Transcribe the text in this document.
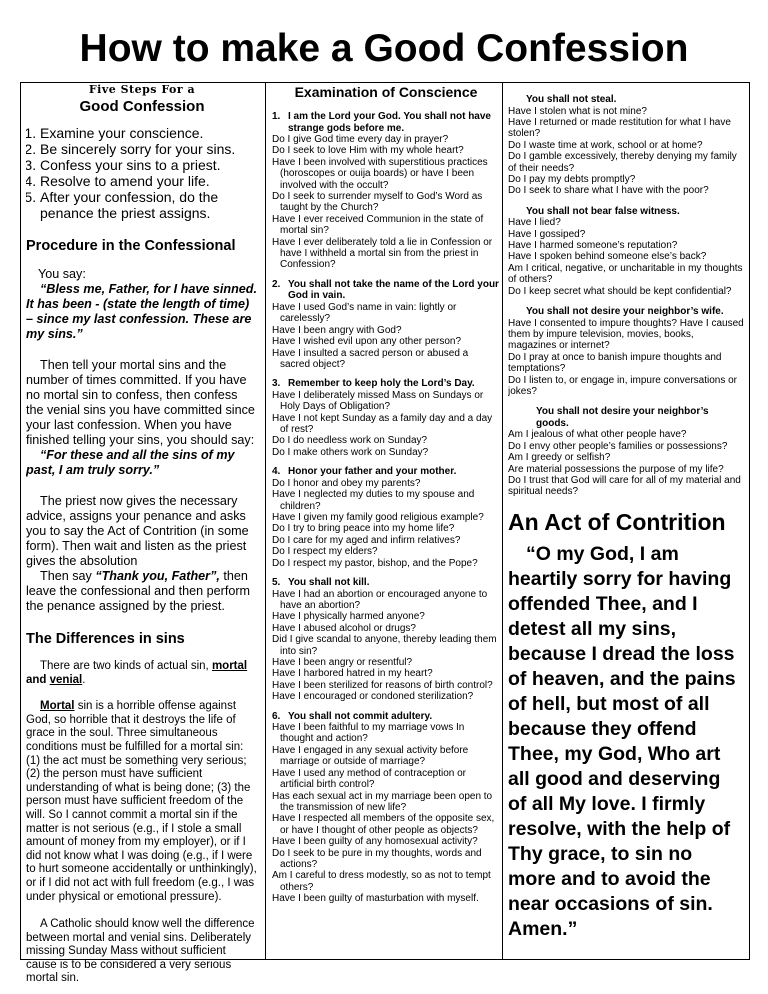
How to make a Good Confession
Five Steps For a
Good Confession
1. Examine your conscience.
2. Be sincerely sorry for your sins.
3. Confess your sins to a priest.
4. Resolve to amend your life.
5. After your confession, do the penance the priest assigns.
Procedure in the Confessional

You say:

“Bless me, Father, for I have sinned. It has been - (state the length of time) – since my last confession. These are my sins.”

Then tell your mortal sins and the number of times committed. If you have no mortal sin to confess, then confess the venial sins you have committed since your last confession. When you have finished telling your sins, you should say:

“For these and all the sins of my past, I am truly sorry.”

The priest now gives the necessary advice, assigns your penance and asks you to say the Act of Contrition (in some form). Then wait and listen as the priest gives the absolution

Then say “Thank you, Father”, then leave the confessional and then perform the penance assigned by the priest.

The Differences in sins

There are two kinds of actual sin, mortal and venial.

Mortal sin is a horrible offense against God, so horrible that it destroys the life of grace in the soul. Three simultaneous conditions must be fulfilled for a mortal sin: (1) the act must be something very serious; (2) the person must have sufficient understanding of what is being done; (3) the person must have sufficient freedom of the will. So I cannot commit a mortal sin if the matter is not serious (e.g., if I stole a small amount of money from my employer), or if I did not know what I was doing (e.g., if I were to hurt someone accidentally or unthinkingly), or if I did not act with full freedom (e.g., I was under physical or emotional pressure).

A Catholic should know well the difference between mortal and venial sins. Deliberately missing Sunday Mass without sufficient cause is to be considered a very serious mortal sin.

Examination of Conscience
1. I am the Lord your God. You shall not have strange gods before me.
Do I give God time every day in prayer?
Do I seek to love Him with my whole heart?
Have I been involved with superstitious practices (horoscopes or ouija boards) or have I been involved with the occult?
Do I seek to surrender myself to God’s Word as taught by the Church?
Have I ever received Communion in the state of mortal sin?
Have I ever deliberately told a lie in Confession or have I withheld a mortal sin from the priest in Confession?
2. You shall not take the name of the Lord your God in vain.
Have I used God’s name in vain: lightly or carelessly?
Have I been angry with God?
Have I wished evil upon any other person?
Have I insulted a sacred person or abused a sacred object?
3. Remember to keep holy the Lord’s Day.
Have I deliberately missed Mass on Sundays or Holy Days of Obligation?
Have I not kept Sunday as a family day and a day of rest?
Do I do needless work on Sunday?
Do I make others work on Sunday?
4. Honor your father and your mother.
Do I honor and obey my parents?
Have I neglected my duties to my spouse and children?
Have I given my family good religious example?
Do I try to bring peace into my home life?
Do I care for my aged and infirm relatives?
Do I respect my elders?
Do I respect my pastor, bishop, and the Pope?
5. You shall not kill.
Have I had an abortion or encouraged anyone to have an abortion?
Have I physically harmed anyone?
Have I abused alcohol or drugs?
Did I give scandal to anyone, thereby leading them into sin?
Have I been angry or resentful?
Have I harbored hatred in my heart?
Have I been sterilized for reasons of birth control?
Have I encouraged or condoned sterilization?
6. You shall not commit adultery.
Have I been faithful to my marriage vows In thought and action?
Have I engaged in any sexual activity before marriage or outside of marriage?
Have I used any method of contraception or artificial birth control?
Has each sexual act in my marriage been open to the transmission of new life?
Have I respected all members of the opposite sex, or have I thought of other people as objects?
Have I been guilty of any homosexual activity?
Do I seek to be pure in my thoughts, words and actions?
Am I careful to dress modestly, so as not to tempt others?
Have I been guilty of masturbation with myself.
You shall not steal.
Have I stolen what is not mine?
Have I returned or made restitution for what I have stolen?
Do I waste time at work, school or at home?
Do I gamble excessively, thereby denying my family of their needs?
Do I pay my debts promptly?
Do I seek to share what I have with the poor?
You shall not bear false witness.
Have I lied?
Have I gossiped?
Have I harmed someone’s reputation?
Have I spoken behind someone else’s back?
Am I critical, negative, or uncharitable in my thoughts of others?
Do I keep secret what should be kept confidential?
You shall not desire your neighbor’s wife.
Have I consented to impure thoughts? Have I caused them by impure television, movies, books, magazines or internet?
Do I pray at once to banish impure thoughts and temptations?
Do I listen to, or engage in, impure conversations or jokes?
You shall not desire your neighbor’s goods.
Am I jealous of what other people have?
Do I envy other people’s families or possessions?
Am I greedy or selfish?
Are material possessions the purpose of my life?
Do I trust that God will care for all of my material and spiritual needs?
An Act of Contrition
“O my God, I am heartily sorry for having offended Thee, and I detest all my sins, because I dread the loss of heaven, and the pains of hell, but most of all because they offend Thee, my God, Who art all good and deserving of all My love. I firmly resolve, with the help of Thy grace, to sin no more and to avoid the near occasions of sin. Amen.”
